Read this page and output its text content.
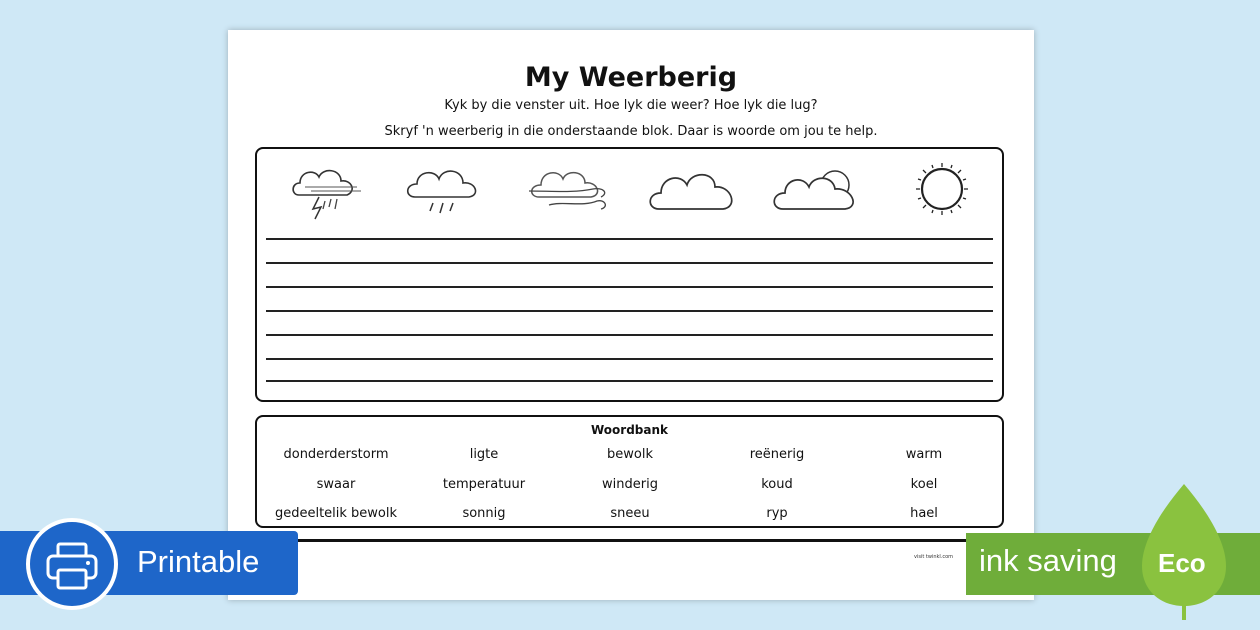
My Weerberig
Kyk by die venster uit. Hoe lyk die weer? Hoe lyk die lug?
Skryf 'n weerberig in die onderstaande blok. Daar is woorde om jou te help.
Woordbank
donderderstorm	ligte	bewolk	reënerig	warm
swaar	temperatuur	winderig	koud	koel
gedeeltelik bewolk	sonnig	sneeu	ryp	hael
visit twinkl.com
Printable	ink saving Eco
